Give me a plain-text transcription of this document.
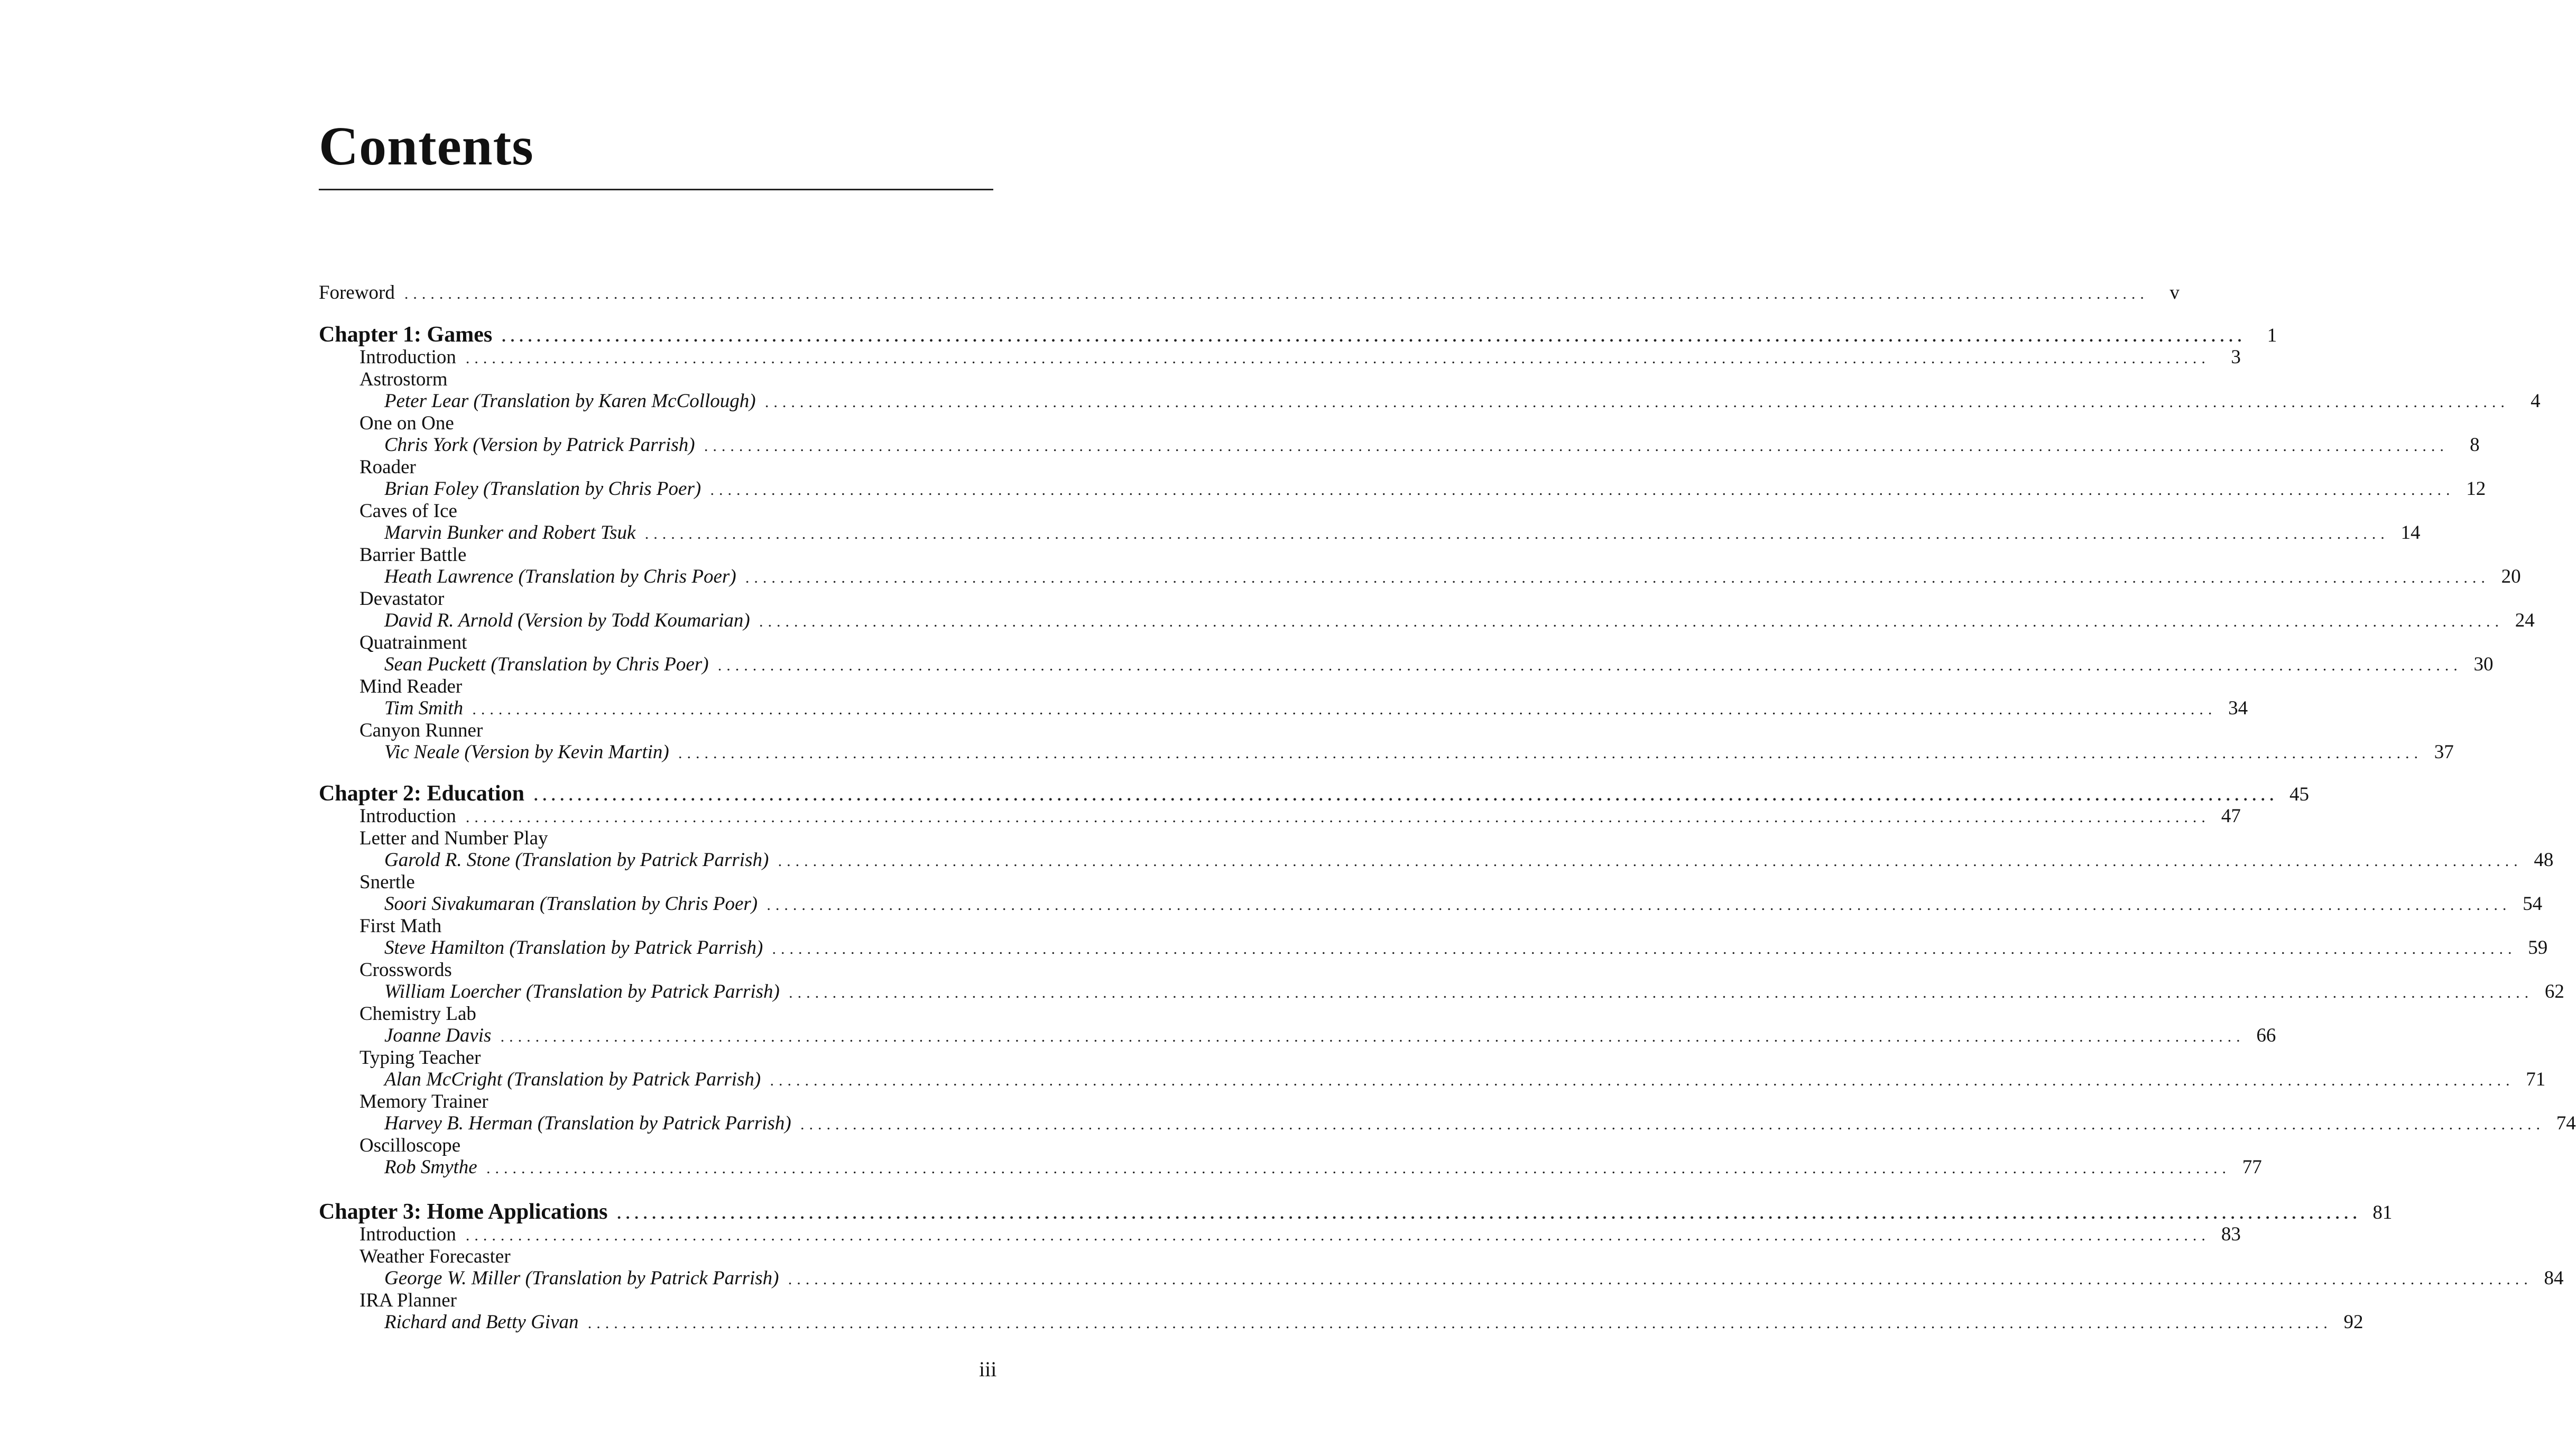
Contents
Foreword ........................................................................................................................................................................................................	v
Chapter 1: Games ........................................................................................................................................................................................................	1
Introduction ........................................................................................................................................................................................................	3
Astrostorm
Peter Lear (Translation by Karen McCollough) ........................................................................................................................................................................................................	4
One on One
Chris York (Version by Patrick Parrish) ........................................................................................................................................................................................................	8
Roader
Brian Foley (Translation by Chris Poer) ........................................................................................................................................................................................................ 12
Caves of Ice
Marvin Bunker and Robert Tsuk ........................................................................................................................................................................................................ 14
Barrier Battle
Heath Lawrence (Translation by Chris Poer) ........................................................................................................................................................................................................ 20
Devastator
David R. Arnold (Version by Todd Koumarian) ........................................................................................................................................................................................................ 24
Quatrainment
Sean Puckett (Translation by Chris Poer) ........................................................................................................................................................................................................ 30
Mind Reader
Tim Smith ........................................................................................................................................................................................................ 34
Canyon Runner
Vic Neale (Version by Kevin Martin) ........................................................................................................................................................................................................ 37
Chapter 2: Education ........................................................................................................................................................................................................ 45
Introduction ........................................................................................................................................................................................................ 47
Letter and Number Play
Garold R. Stone (Translation by Patrick Parrish) ........................................................................................................................................................................................................ 48
Snertle
Soori Sivakumaran (Translation by Chris Poer) ........................................................................................................................................................................................................ 54
First Math
Steve Hamilton (Translation by Patrick Parrish) ........................................................................................................................................................................................................ 59
Crosswords
William Loercher (Translation by Patrick Parrish) ........................................................................................................................................................................................................ 62
Chemistry Lab
Joanne Davis ........................................................................................................................................................................................................ 66
Typing Teacher
Alan McCright (Translation by Patrick Parrish) ........................................................................................................................................................................................................ 71
Memory Trainer
Harvey B. Herman (Translation by Patrick Parrish) ........................................................................................................................................................................................................ 74
Oscilloscope
Rob Smythe ........................................................................................................................................................................................................ 77
Chapter 3: Home Applications ........................................................................................................................................................................................................ 81
Introduction ........................................................................................................................................................................................................ 83
Weather Forecaster
George W. Miller (Translation by Patrick Parrish) ........................................................................................................................................................................................................ 84
IRA Planner
Richard and Betty Givan ........................................................................................................................................................................................................ 92
iii
